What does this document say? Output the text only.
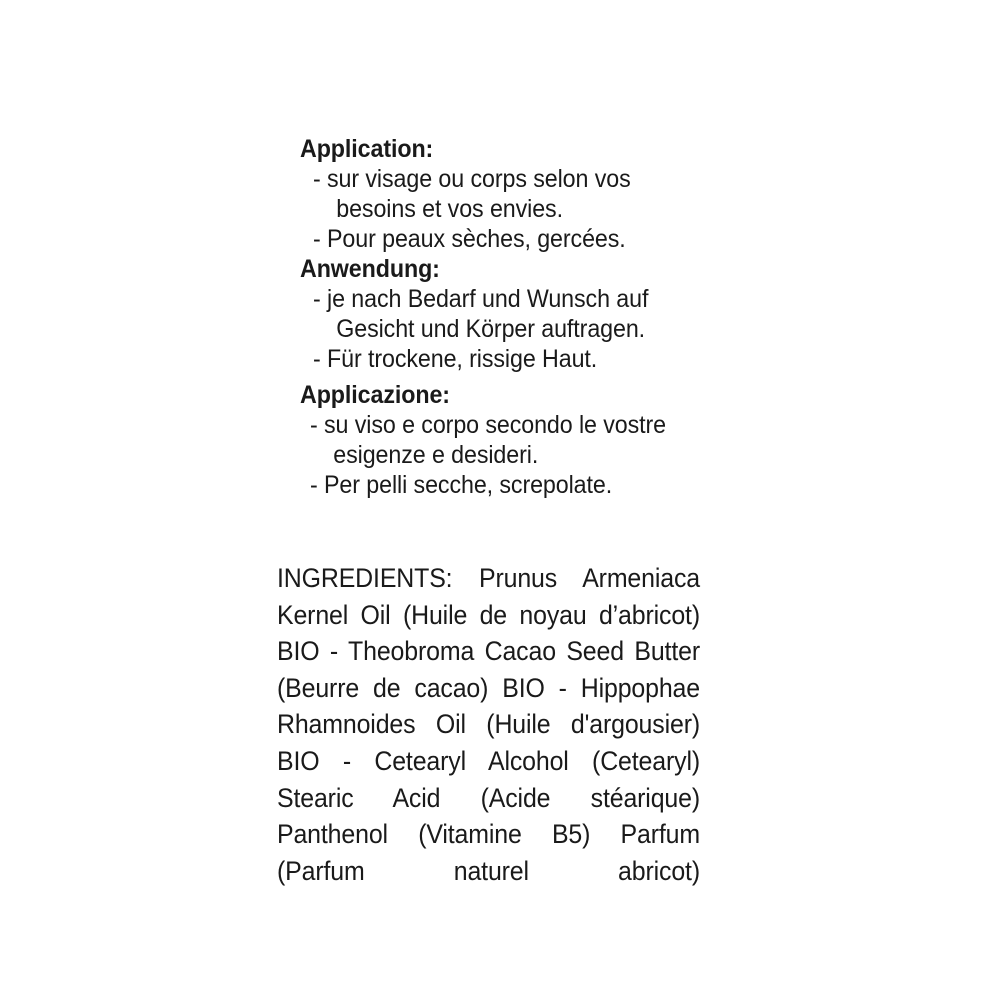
Application:
- sur visage ou corps selon vos besoins et vos envies.
- Pour peaux sèches, gercées.
Anwendung:
- je nach Bedarf und Wunsch auf Gesicht und Körper auftragen.
- Für trockene, rissige Haut.
Applicazione:
- su viso e corpo secondo le vostre esigenze e desideri.
- Per pelli secche, screpolate.

INGREDIENTS: Prunus Armeniaca Kernel Oil (Huile de noyau d’abricot) BIO - Theobroma Cacao Seed Butter (Beurre de cacao) BIO - Hippophae Rhamnoides Oil (Huile d'argousier) BIO - Cetearyl Alcohol (Cetearyl) Stearic Acid (Acide stéarique) Panthenol (Vitamine B5) Parfum (Parfum naturel abricot)
